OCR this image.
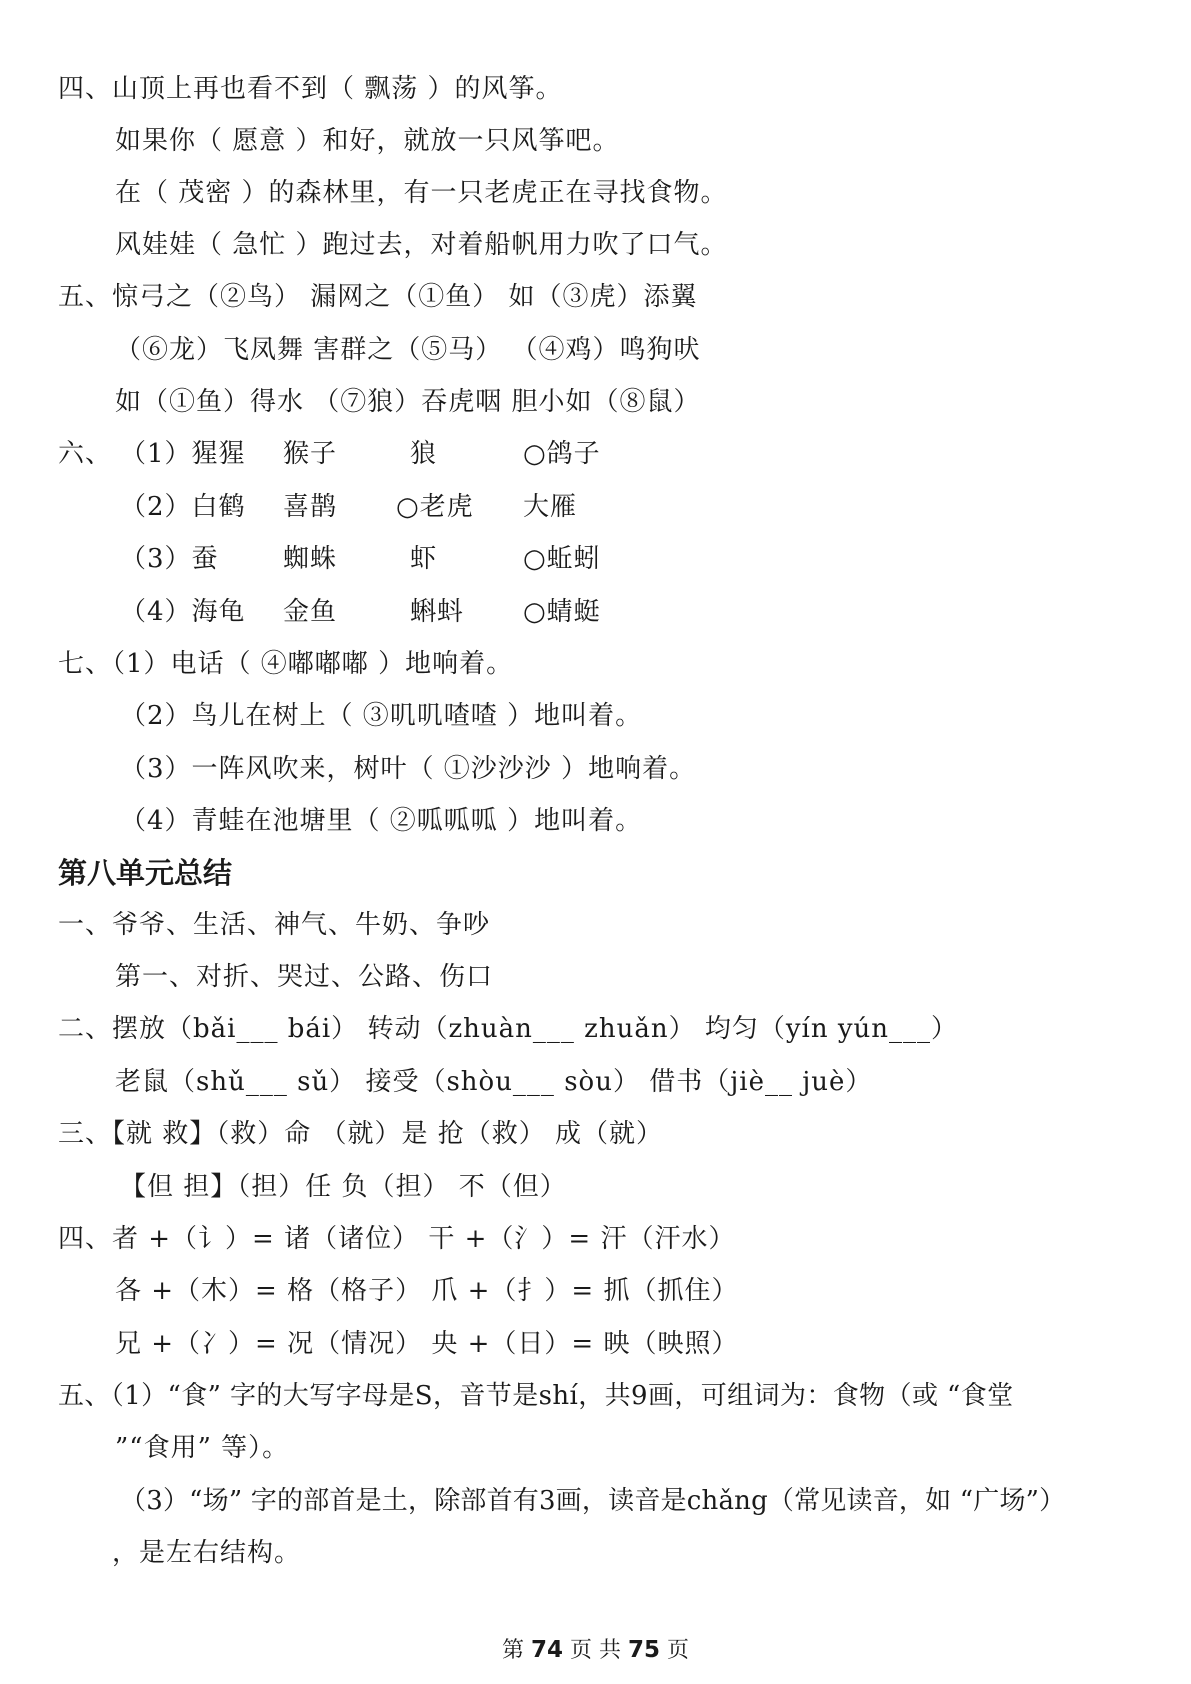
四、山顶上再也看不到（ 飘荡 ）的风筝。
如果你（ 愿意 ）和好，就放一只风筝吧。
在（ 茂密 ）的森林里，有一只老虎正在寻找食物。
风娃娃（ 急忙 ）跑过去，对着船帆用力吹了口气。
五、惊弓之（②鸟） 漏网之（①鱼） 如（③虎）添翼
（⑥龙）飞凤舞 害群之（⑤马） （④鸡）鸣狗吠
如（①鱼）得水 （⑦狼）吞虎咽 胆小如（⑧鼠）
六、 （1）猩猩 猴子	狼	○鸽子
（2）白鹤 喜鹊 ○老虎 大雁
（3）蚕 蜘蛛	虾	○蚯蚓
（4）海龟 金鱼	蝌蚪 ○蜻蜓
七、（1）电话（ ④嘟嘟嘟 ）地响着。
（2）鸟儿在树上（ ③叽叽喳喳 ）地叫着。
（3）一阵风吹来，树叶（ ①沙沙沙 ）地响着。
（4）青蛙在池塘里（ ②呱呱呱 ）地叫着。
第八单元总结
一、爷爷、生活、神气、牛奶、争吵
第一、对折、哭过、公路、伤口
二、摆放（bǎi___ bái） 转动（zhuàn___ zhuǎn） 均匀（yín yún___）
老鼠（shǔ___ sǔ） 接受（shòu___ sòu） 借书（jiè__ juè）
三、【就 救】（救）命 （就）是 抢（救） 成（就）
【但 担】（担）任 负（担） 不（但）
四、者 +（讠）= 诸（诸位） 干 +（氵）= 汗（汗水）
各 +（木）= 格（格子） 爪 +（扌）= 抓（抓住）
兄 +（冫）= 况（情况） 央 +（日）= 映（映照）
五、（1）“食” 字的大写字母是S，音节是shí，共9画，可组词为：食物（或 “食堂
”“食用” 等）。
（3）“场” 字的部首是土，除部首有3画，读音是chǎng（常见读音，如 “广场”）
，是左右结构。
第 74 页 共 75 页
